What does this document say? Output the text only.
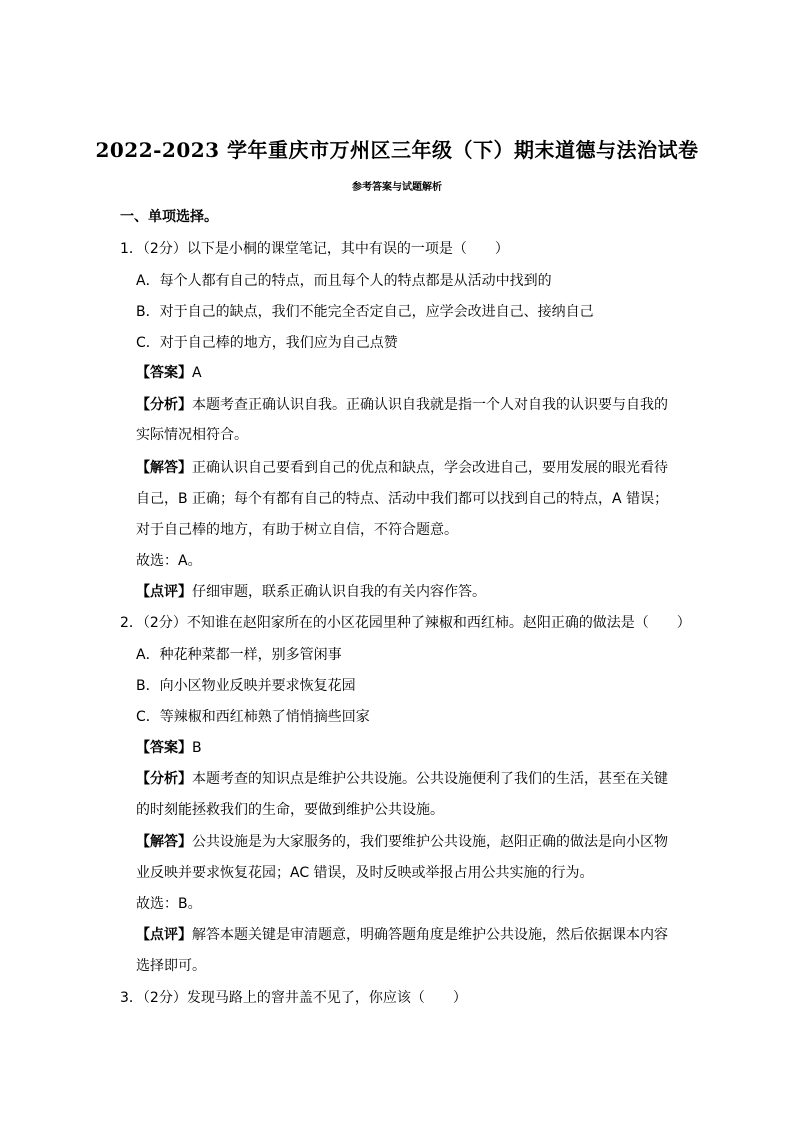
2022-2023 学年重庆市万州区三年级（下）期末道德与法治试卷
参考答案与试题解析
一、单项选择。
1．（2分）以下是小桐的课堂笔记，其中有误的一项是（　　）
A．每个人都有自己的特点，而且每个人的特点都是从活动中找到的
B．对于自己的缺点，我们不能完全否定自己，应学会改进自己、接纳自己
C．对于自己棒的地方，我们应为自己点赞
【答案】A
【分析】本题考查正确认识自我。正确认识自我就是指一个人对自我的认识要与自我的
实际情况相符合。
【解答】正确认识自己要看到自己的优点和缺点，学会改进自己，要用发展的眼光看待
自己，B 正确；每个有都有自己的特点、活动中我们都可以找到自己的特点，A 错误；
对于自己棒的地方，有助于树立自信，不符合题意。
故选：A。
【点评】仔细审题，联系正确认识自我的有关内容作答。
2．（2分）不知谁在赵阳家所在的小区花园里种了辣椒和西红柿。赵阳正确的做法是（　　）
A．种花种菜都一样，别多管闲事
B．向小区物业反映并要求恢复花园
C．等辣椒和西红柿熟了悄悄摘些回家
【答案】B
【分析】本题考查的知识点是维护公共设施。公共设施便利了我们的生活，甚至在关键
的时刻能拯救我们的生命，要做到维护公共设施。
【解答】公共设施是为大家服务的，我们要维护公共设施，赵阳正确的做法是向小区物
业反映并要求恢复花园；AC 错误，及时反映或举报占用公共实施的行为。
故选：B。
【点评】解答本题关键是审清题意，明确答题角度是维护公共设施，然后依据课本内容
选择即可。
3．（2分）发现马路上的窨井盖不见了，你应该（　　）
